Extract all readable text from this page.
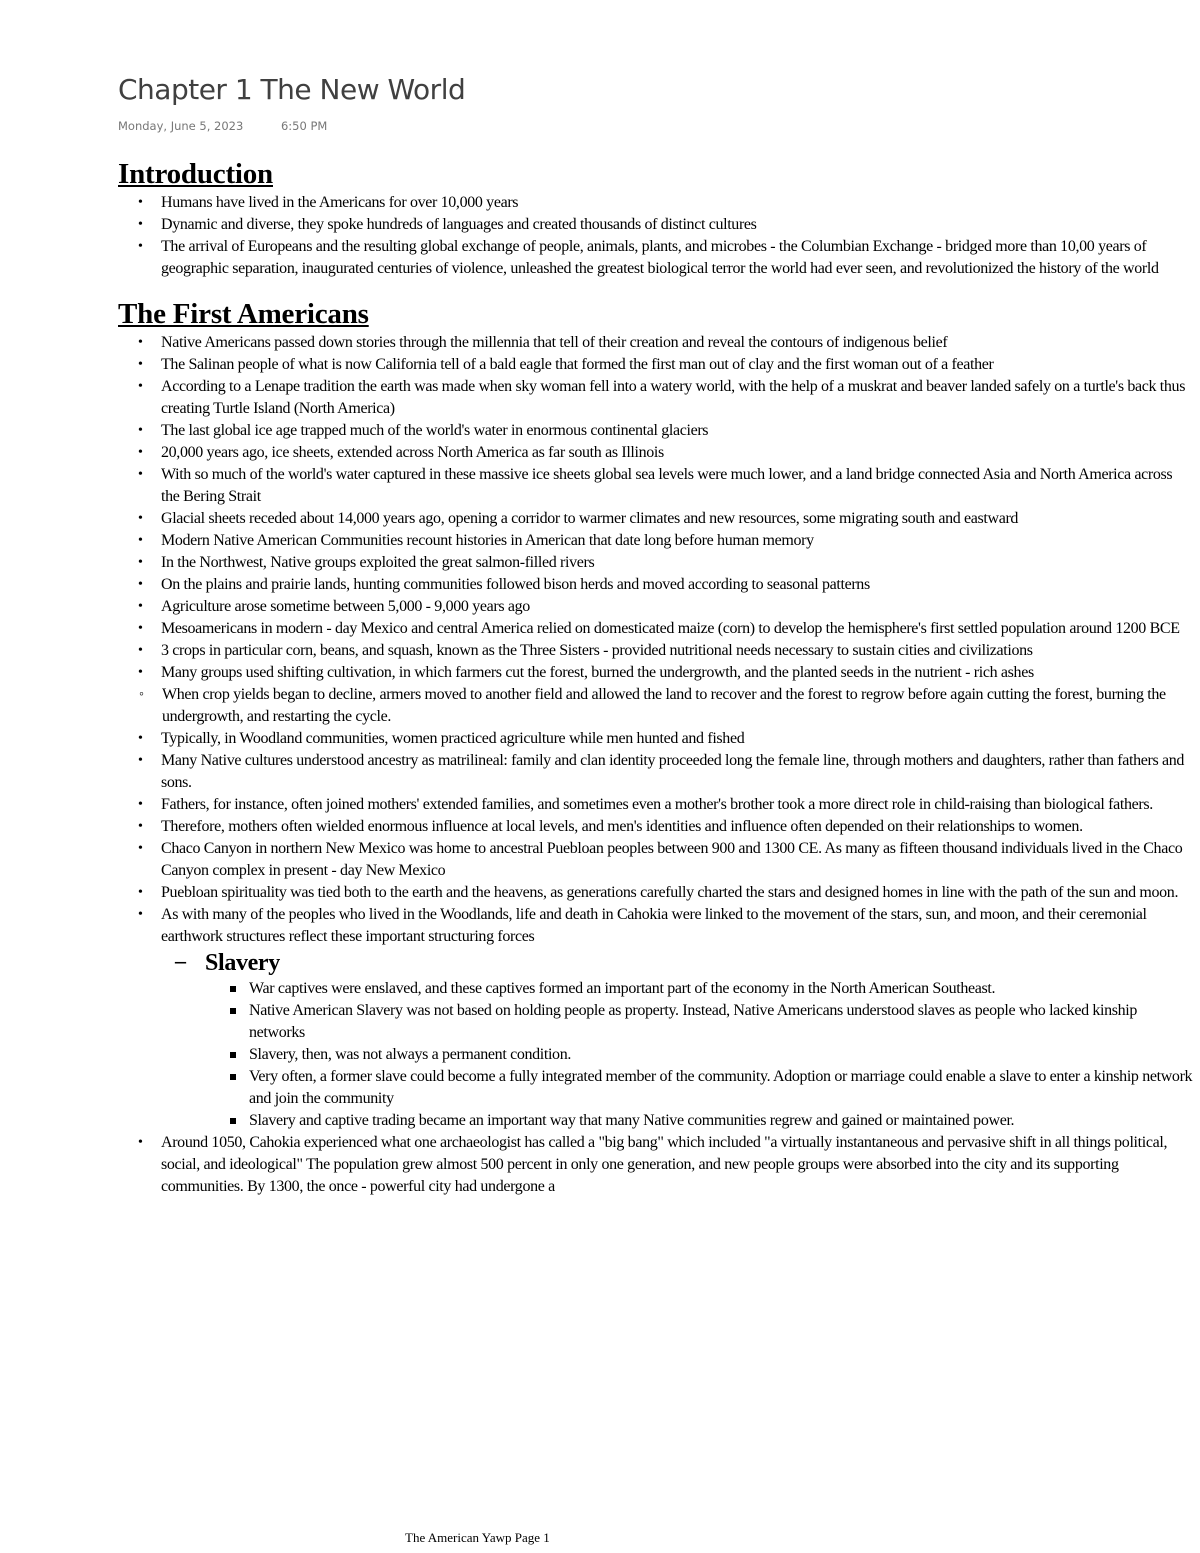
Chapter 1 The New World
Monday, June 5, 2023	6:50 PM
Introduction
• Humans have lived in the Americans for over 10,000 years
• Dynamic and diverse, they spoke hundreds of languages and created thousands of distinct cultures
• The arrival of Europeans and the resulting global exchange of people, animals, plants, and microbes - the Columbian Exchange - bridged more than 10,00 years of geographic separation, inaugurated centuries of violence, unleashed the greatest biological terror the world had ever seen, and revolutionized the history of the world
The First Americans
• Native Americans passed down stories through the millennia that tell of their creation and reveal the contours of indigenous belief
• The Salinan people of what is now California tell of a bald eagle that formed the first man out of clay and the first woman out of a feather
• According to a Lenape tradition the earth was made when sky woman fell into a watery world, with the help of a muskrat and beaver landed safely on a turtle's back thus creating Turtle Island (North America)
• The last global ice age trapped much of the world's water in enormous continental glaciers
• 20,000 years ago, ice sheets, extended across North America as far south as Illinois
• With so much of the world's water captured in these massive ice sheets global sea levels were much lower, and a land bridge connected Asia and North America across the Bering Strait
• Glacial sheets receded about 14,000 years ago, opening a corridor to warmer climates and new resources, some migrating south and eastward
• Modern Native American Communities recount histories in American that date long before human memory
• In the Northwest, Native groups exploited the great salmon-filled rivers
• On the plains and prairie lands, hunting communities followed bison herds and moved according to seasonal patterns
• Agriculture arose sometime between 5,000 - 9,000 years ago
• Mesoamericans in modern - day Mexico and central America relied on domesticated maize (corn) to develop the hemisphere's first settled population around 1200 BCE
• 3 crops in particular corn, beans, and squash, known as the Three Sisters - provided nutritional needs necessary to sustain cities and civilizations
• Many groups used shifting cultivation, in which farmers cut the forest, burned the undergrowth, and the planted seeds in the nutrient - rich ashes
◦ When crop yields began to decline, armers moved to another field and allowed the land to recover and the forest to regrow before again cutting the forest, burning the undergrowth, and restarting the cycle.
• Typically, in Woodland communities, women practiced agriculture while men hunted and fished
• Many Native cultures understood ancestry as matrilineal: family and clan identity proceeded long the female line, through mothers and daughters, rather than fathers and sons.
• Fathers, for instance, often joined mothers' extended families, and sometimes even a mother's brother took a more direct role in child-raising than biological fathers.
• Therefore, mothers often wielded enormous influence at local levels, and men's identities and influence often depended on their relationships to women.
• Chaco Canyon in northern New Mexico was home to ancestral Puebloan peoples between 900 and 1300 CE. As many as fifteen thousand individuals lived in the Chaco Canyon complex in present - day New Mexico
• Puebloan spirituality was tied both to the earth and the heavens, as generations carefully charted the stars and designed homes in line with the path of the sun and moon.
• As with many of the peoples who lived in the Woodlands, life and death in Cahokia were linked to the movement of the stars, sun, and moon, and their ceremonial earthwork structures reflect these important structuring forces
– Slavery
War captives were enslaved, and these captives formed an important part of the economy in the North American Southeast.
Native American Slavery was not based on holding people as property. Instead, Native Americans understood slaves as people who lacked kinship networks
Slavery, then, was not always a permanent condition.
Very often, a former slave could become a fully integrated member of the community. Adoption or marriage could enable a slave to enter a kinship network and join the community
Slavery and captive trading became an important way that many Native communities regrew and gained or maintained power.
• Around 1050, Cahokia experienced what one archaeologist has called a "big bang" which included "a virtually instantaneous and pervasive shift in all things political, social, and ideological" The population grew almost 500 percent in only one generation, and new people groups were absorbed into the city and its supporting communities. By 1300, the once - powerful city had undergone a
The American Yawp Page 1
